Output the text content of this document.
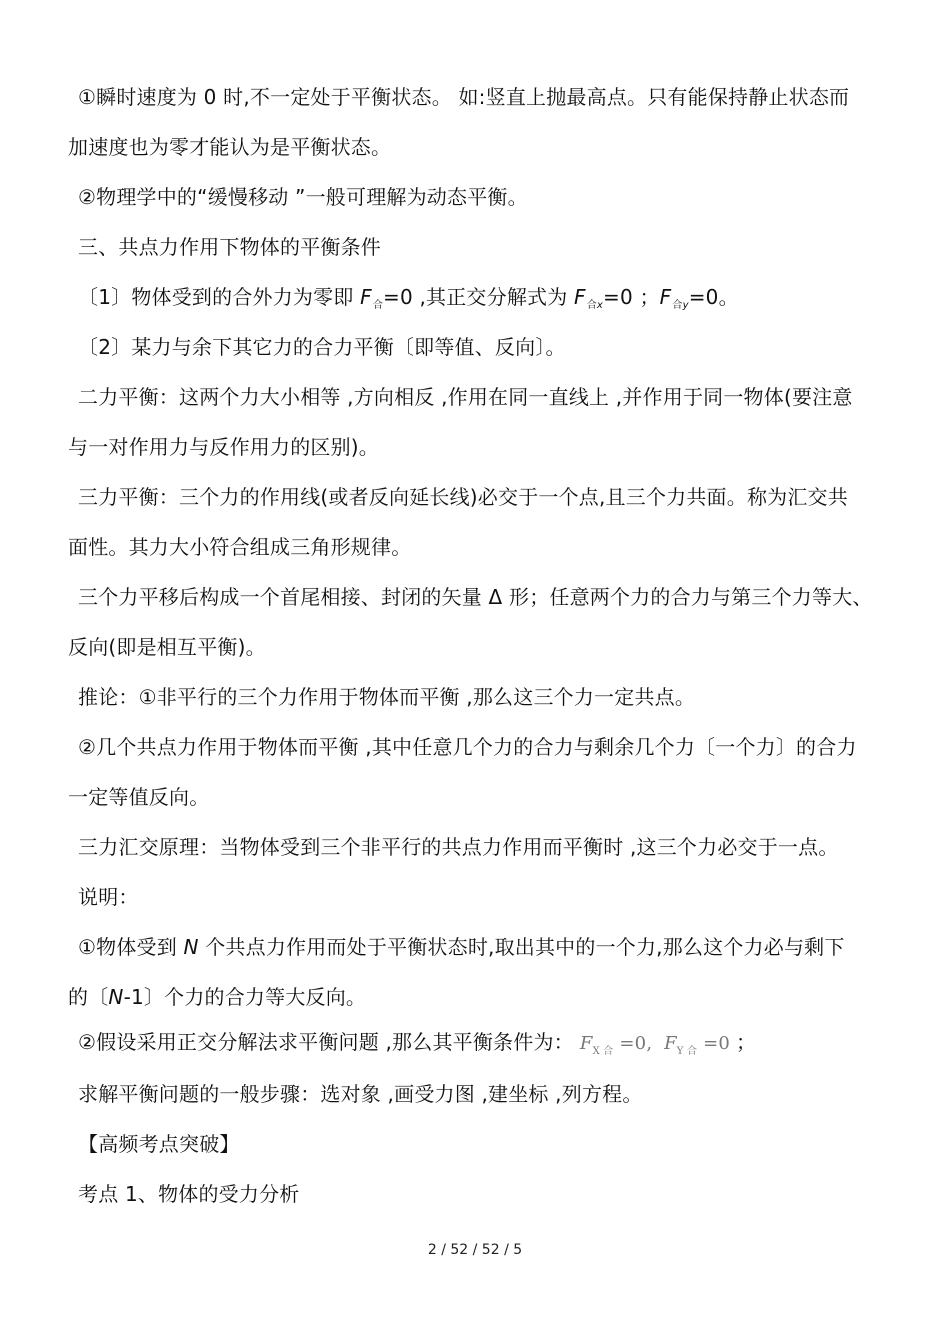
①瞬时速度为 0 时,不一定处于平衡状态。 如:竖直上抛最高点。只有能保持静止状态而
加速度也为零才能认为是平衡状态。
②物理学中的“缓慢移动 ”一般可理解为动态平衡。
三、共点力作用下物体的平衡条件
〔1〕物体受到的合外力为零即 $F_合=0$ ,其正交分解式为 $F_{合x}=0$ ；$F_{合y}=0$。
〔2〕某力与余下其它力的合力平衡〔即等值、反向〕。
二力平衡：这两个力大小相等 ,方向相反 ,作用在同一直线上 ,并作用于同一物体(要注意
与一对作用力与反作用力的区别)。
三力平衡：三个力的作用线(或者反向延长线)必交于一个点,且三个力共面。称为汇交共
面性。其力大小符合组成三角形规律。
三个力平移后构成一个首尾相接、封闭的矢量 Δ 形；任意两个力的合力与第三个力等大、
反向(即是相互平衡)。
推论：①非平行的三个力作用于物体而平衡 ,那么这三个力一定共点。
②几个共点力作用于物体而平衡 ,其中任意几个力的合力与剩余几个力〔一个力〕的合力
一定等值反向。
三力汇交原理：当物体受到三个非平行的共点力作用而平衡时 ,这三个力必交于一点。
说明：
①物体受到 N 个共点力作用而处于平衡状态时,取出其中的一个力,那么这个力必与剩下
的〔N-1〕个力的合力等大反向。
②假设采用正交分解法求平衡问题 ,那么其平衡条件为： $F_{X 合} =0$, $F_{Y 合} =0$ ；
求解平衡问题的一般步骤：选对象 ,画受力图 ,建坐标 ,列方程。
【高频考点突破】
考点 1、物体的受力分析
2 / 52 / 52 / 5
